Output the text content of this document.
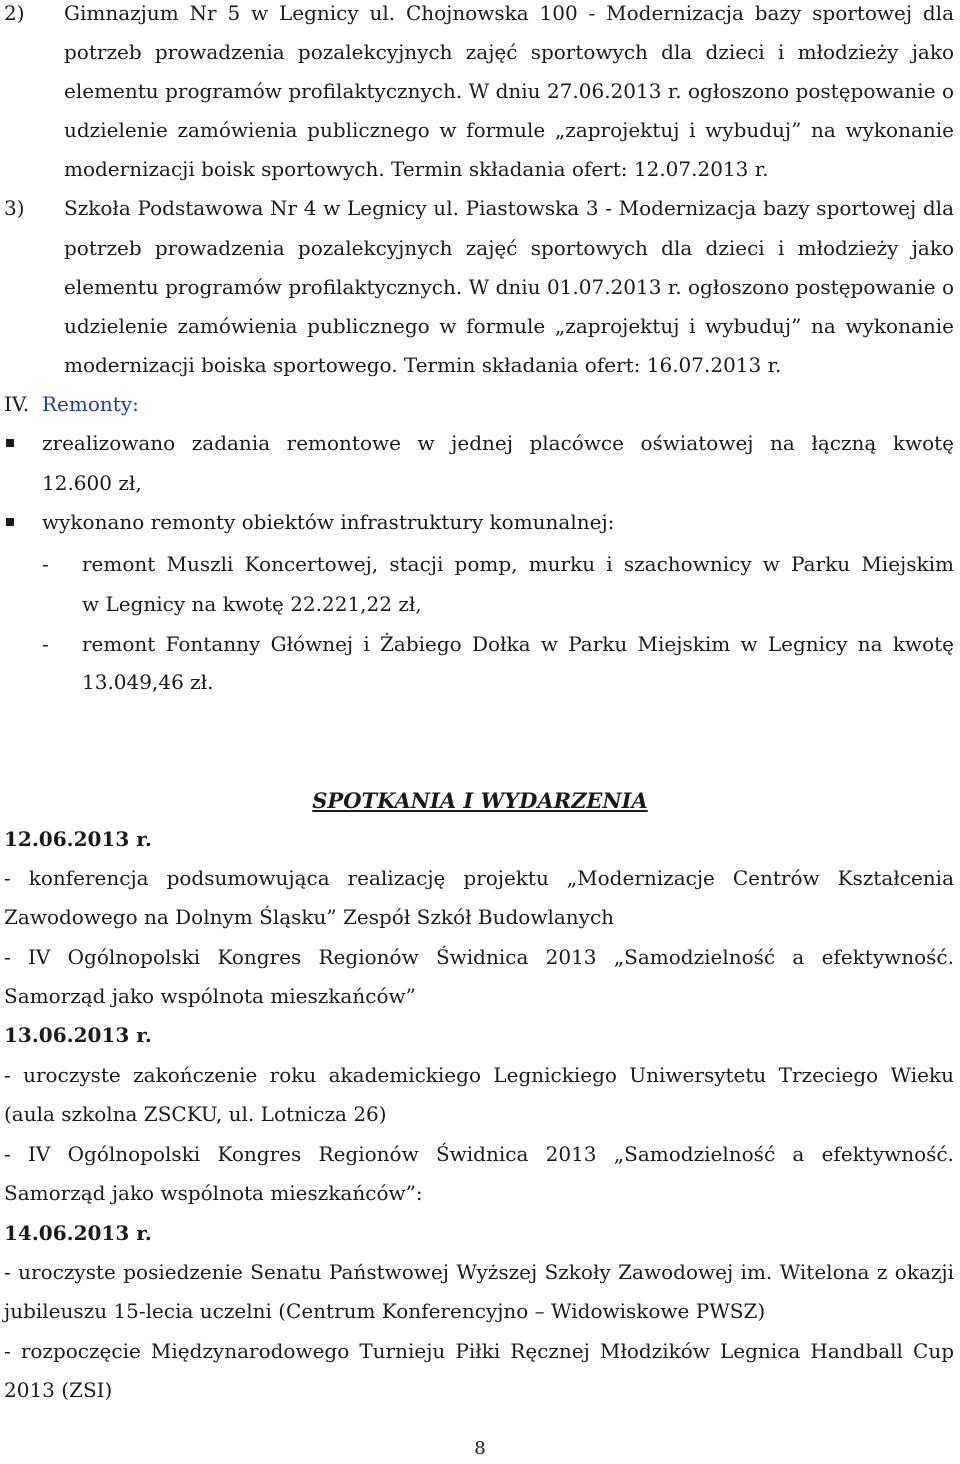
2) Gimnazjum Nr 5 w Legnicy ul. Chojnowska 100 - Modernizacja bazy sportowej dla
potrzeb prowadzenia pozalekcyjnych zajęć sportowych dla dzieci i młodzieży jako
elementu programów profilaktycznych. W dniu 27.06.2013 r. ogłoszono postępowanie o
udzielenie zamówienia publicznego w formule „zaprojektuj i wybuduj” na wykonanie
modernizacji boisk sportowych. Termin składania ofert: 12.07.2013 r.
3) Szkoła Podstawowa Nr 4 w Legnicy ul. Piastowska 3 - Modernizacja bazy sportowej dla
potrzeb prowadzenia pozalekcyjnych zajęć sportowych dla dzieci i młodzieży jako
elementu programów profilaktycznych. W dniu 01.07.2013 r. ogłoszono postępowanie o
udzielenie zamówienia publicznego w formule „zaprojektuj i wybuduj” na wykonanie
modernizacji boiska sportowego. Termin składania ofert: 16.07.2013 r.
IV. Remonty:
zrealizowano zadania remontowe w jednej placówce oświatowej na łączną kwotę
12.600 zł,
wykonano remonty obiektów infrastruktury komunalnej:
- remont Muszli Koncertowej, stacji pomp, murku i szachownicy w Parku Miejskim
w Legnicy na kwotę 22.221,22 zł,
- remont Fontanny Głównej i Żabiego Dołka w Parku Miejskim w Legnicy na kwotę
13.049,46 zł.
SPOTKANIA I WYDARZENIA
12.06.2013 r.
- konferencja podsumowująca realizację projektu „Modernizacje Centrów Kształcenia
Zawodowego na Dolnym Śląsku” Zespół Szkół Budowlanych
- IV Ogólnopolski Kongres Regionów Świdnica 2013 „Samodzielność a efektywność.
Samorząd jako wspólnota mieszkańców”
13.06.2013 r.
- uroczyste zakończenie roku akademickiego Legnickiego Uniwersytetu Trzeciego Wieku
(aula szkolna ZSCKU, ul. Lotnicza 26)
- IV Ogólnopolski Kongres Regionów Świdnica 2013 „Samodzielność a efektywność.
Samorząd jako wspólnota mieszkańców”:
14.06.2013 r.
- uroczyste posiedzenie Senatu Państwowej Wyższej Szkoły Zawodowej im. Witelona z okazji
jubileuszu 15-lecia uczelni (Centrum Konferencyjno – Widowiskowe PWSZ)
- rozpoczęcie Międzynarodowego Turnieju Piłki Ręcznej Młodzików Legnica Handball Cup
2013 (ZSI)
8
